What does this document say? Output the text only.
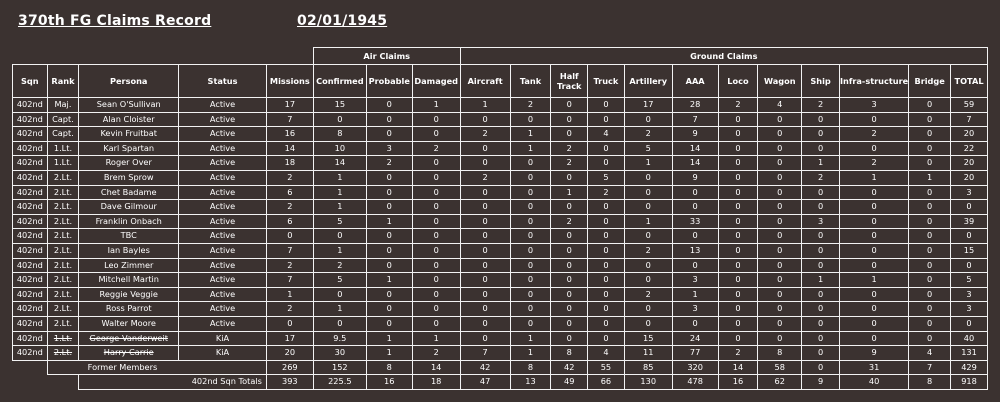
370th FG Claims Record	02/01/1945
					Air Claims			Ground Claims											
Sqn	Rank	Persona	Status	Missions	Confirmed	Probable	Damaged	Aircraft	Tank	Half Track	Truck	Artillery	AAA	Loco	Wagon	Ship	Infra-structure	Bridge	TOTAL
402nd	Maj.	Sean O'Sullivan	Active	17	15	0	1	1	2	0	0	17	28	2	4	2	3	0	59
402nd	Capt.	Alan Cloister	Active	7	0	0	0	0	0	0	0	0	7	0	0	0	0	0	7
402nd	Capt.	Kevin Fruitbat	Active	16	8	0	0	2	1	0	4	2	9	0	0	0	2	0	20
402nd	1.Lt.	Karl Spartan	Active	14	10	3	2	0	1	2	0	5	14	0	0	0	0	0	22
402nd	1.Lt.	Roger Over	Active	18	14	2	0	0	0	2	0	1	14	0	0	1	2	0	20
402nd	2.Lt.	Brem Sprow	Active	2	1	0	0	2	0	0	5	0	9	0	0	2	1	1	20
402nd	2.Lt.	Chet Badame	Active	6	1	0	0	0	0	1	2	0	0	0	0	0	0	0	3
402nd	2.Lt.	Dave Gilmour	Active	2	1	0	0	0	0	0	0	0	0	0	0	0	0	0	0
402nd	2.Lt.	Franklin Onbach	Active	6	5	1	0	0	0	2	0	1	33	0	0	3	0	0	39
402nd	2.Lt.	TBC	Active	0	0	0	0	0	0	0	0	0	0	0	0	0	0	0	0
402nd	2.Lt.	Ian Bayles	Active	7	1	0	0	0	0	0	0	2	13	0	0	0	0	0	15
402nd	2.Lt.	Leo Zimmer	Active	2	2	0	0	0	0	0	0	0	0	0	0	0	0	0	0
402nd	2.Lt.	Mitchell Martin	Active	7	5	1	0	0	0	0	0	0	3	0	0	1	1	0	5
402nd	2.Lt.	Reggie Veggie	Active	1	0	0	0	0	0	0	0	2	1	0	0	0	0	0	3
402nd	2.Lt.	Ross Parrot	Active	2	1	0	0	0	0	0	0	0	3	0	0	0	0	0	3
402nd	2.Lt.	Walter Moore	Active	0	0	0	0	0	0	0	0	0	0	0	0	0	0	0	0
402nd	1.Lt.	George Vanderweit	KiA	17	9.5	1	1	0	1	0	0	15	24	0	0	0	0	0	40
402nd	2.Lt.	Harry Carrie	KiA	20	30	1	2	7	1	8	4	11	77	2	8	0	9	4	131
	Former Members			269	152	8	14	42	8	42	55	85	320	14	58	0	31	7	429
		402nd Sqn Totals		393	225.5	16	18	47	13	49	66	130	478	16	62	9	40	8	918
